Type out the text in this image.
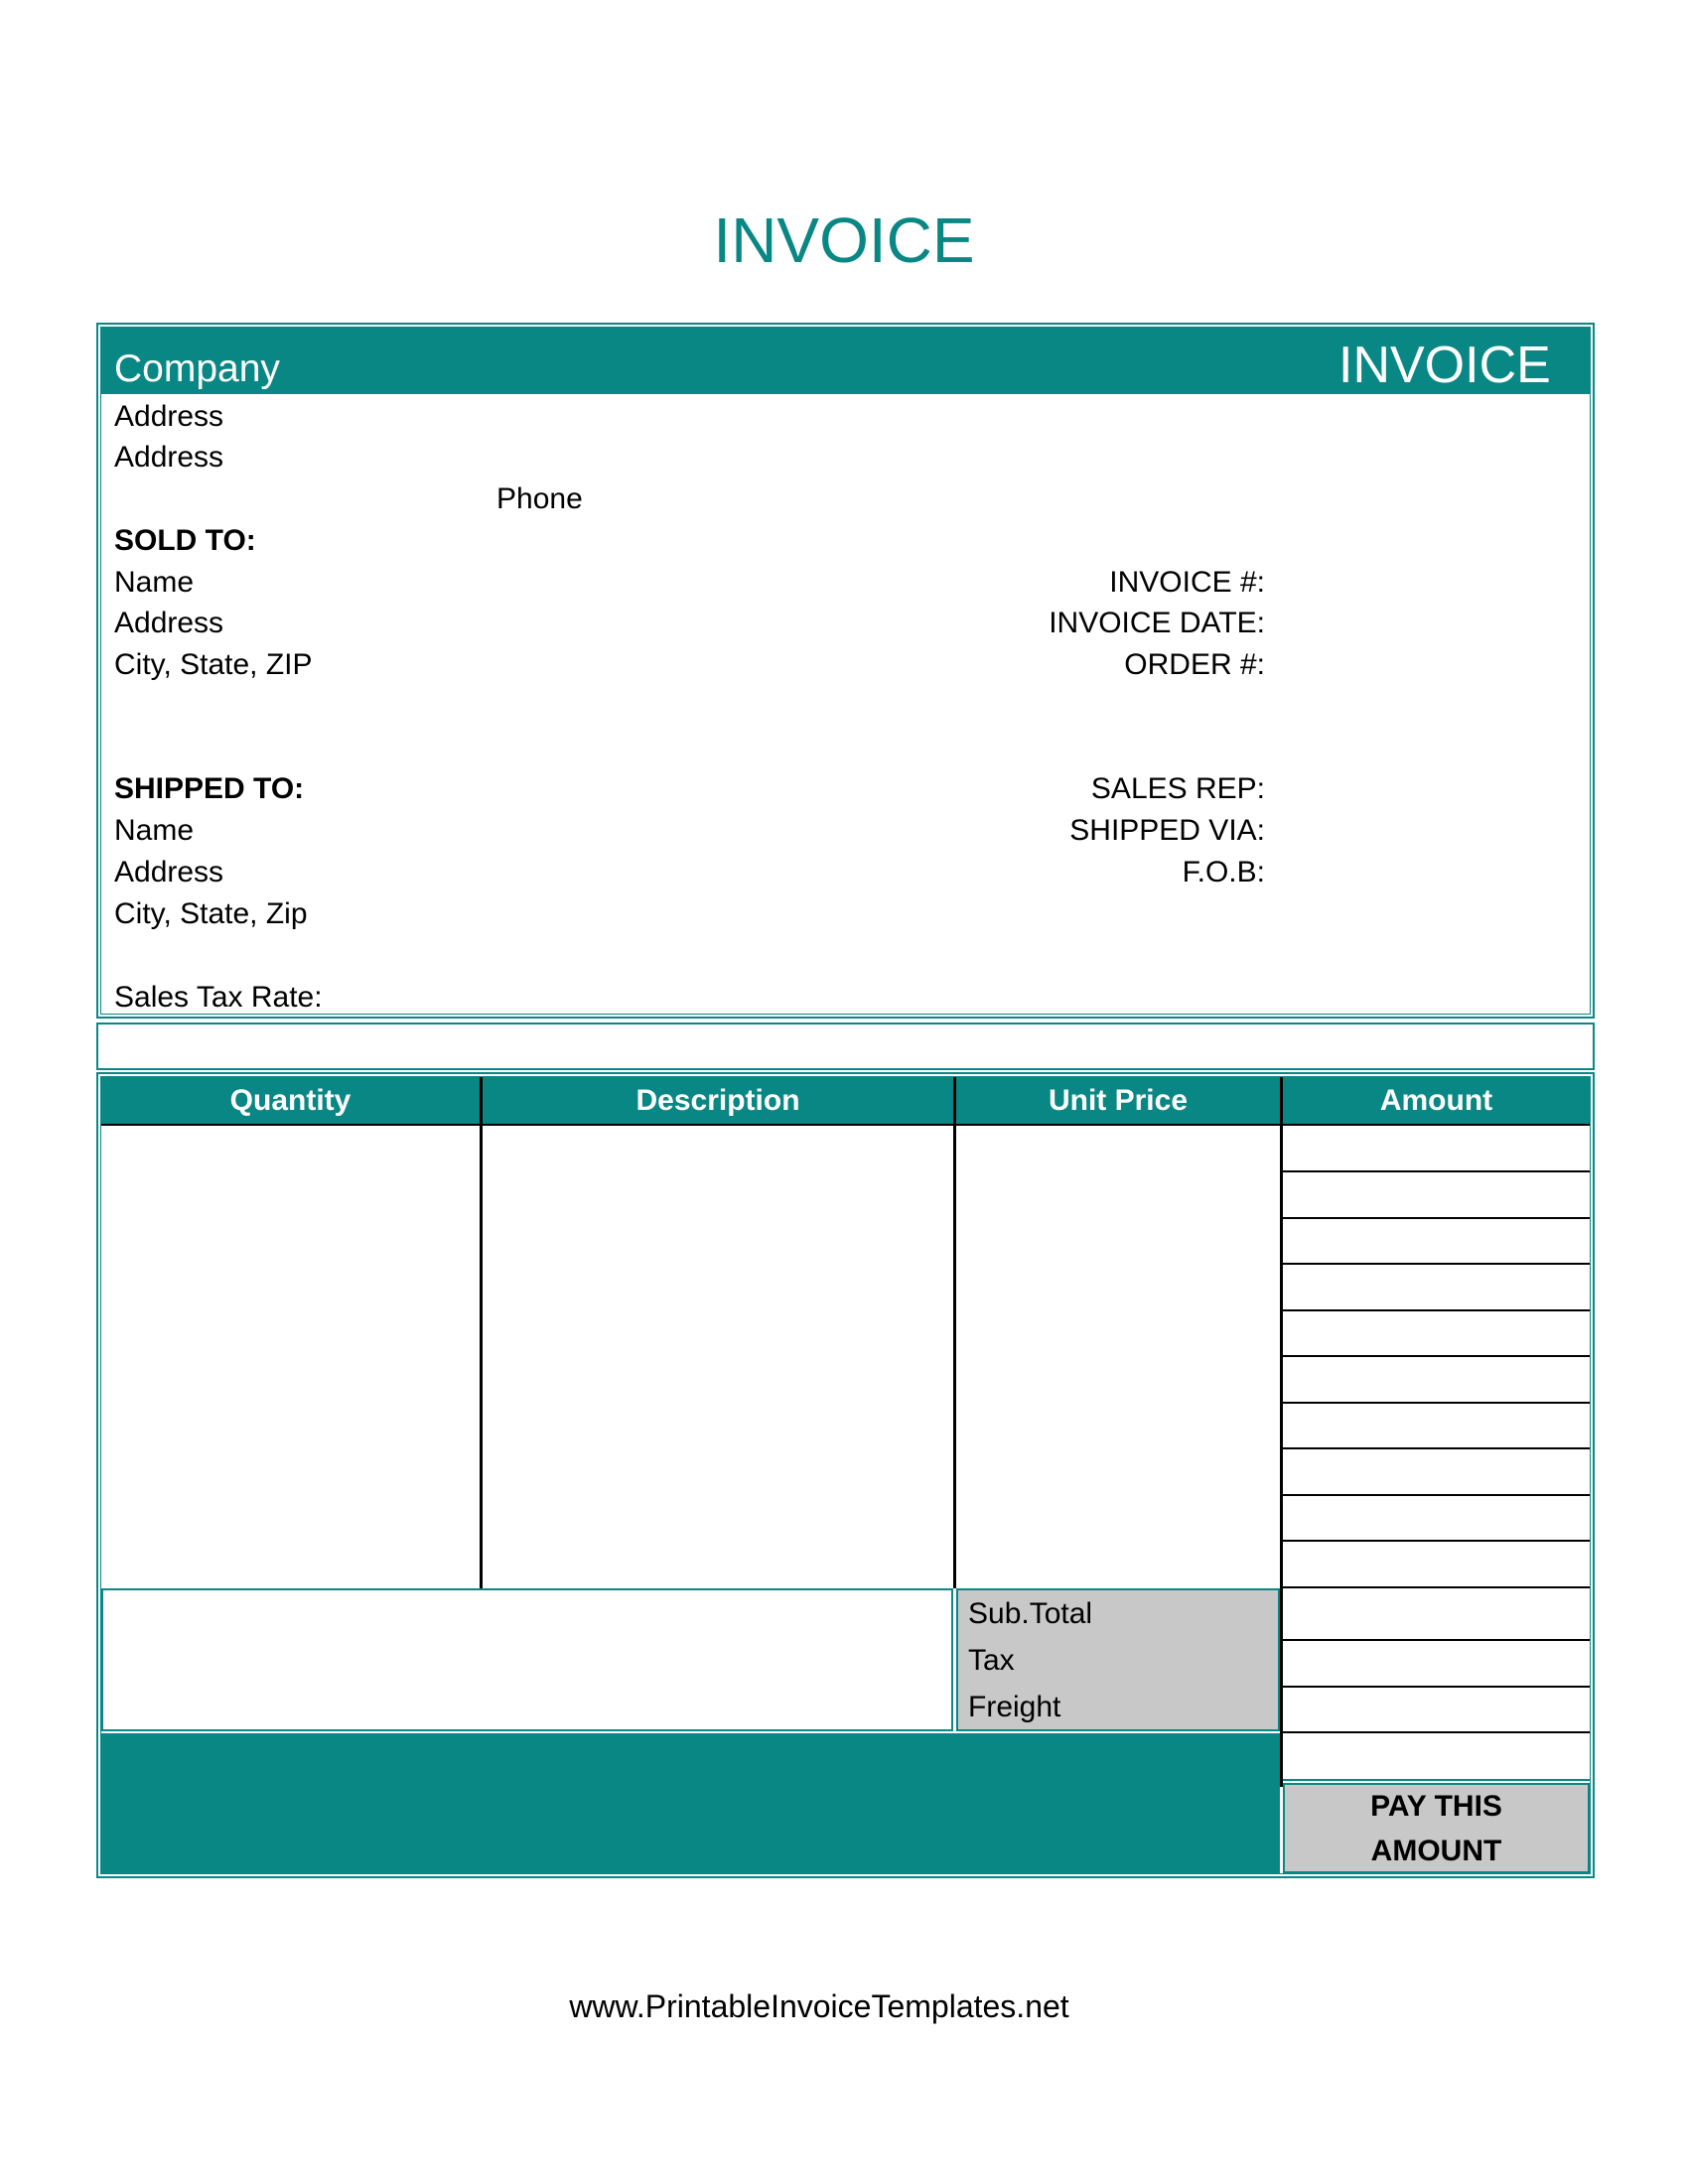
INVOICE
Company	INVOICE
Address
Address
Phone
SOLD TO:
Name
Address
City, State, ZIP
SHIPPED TO:
Name
Address
City, State, Zip
Sales Tax Rate:
INVOICE #:
INVOICE DATE:
ORDER #:
SALES REP:
SHIPPED VIA:
F.O.B:
Quantity	Description	Unit Price	Amount
Sub.Total
Tax
Freight
PAY THIS
AMOUNT
www.PrintableInvoiceTemplates.net
